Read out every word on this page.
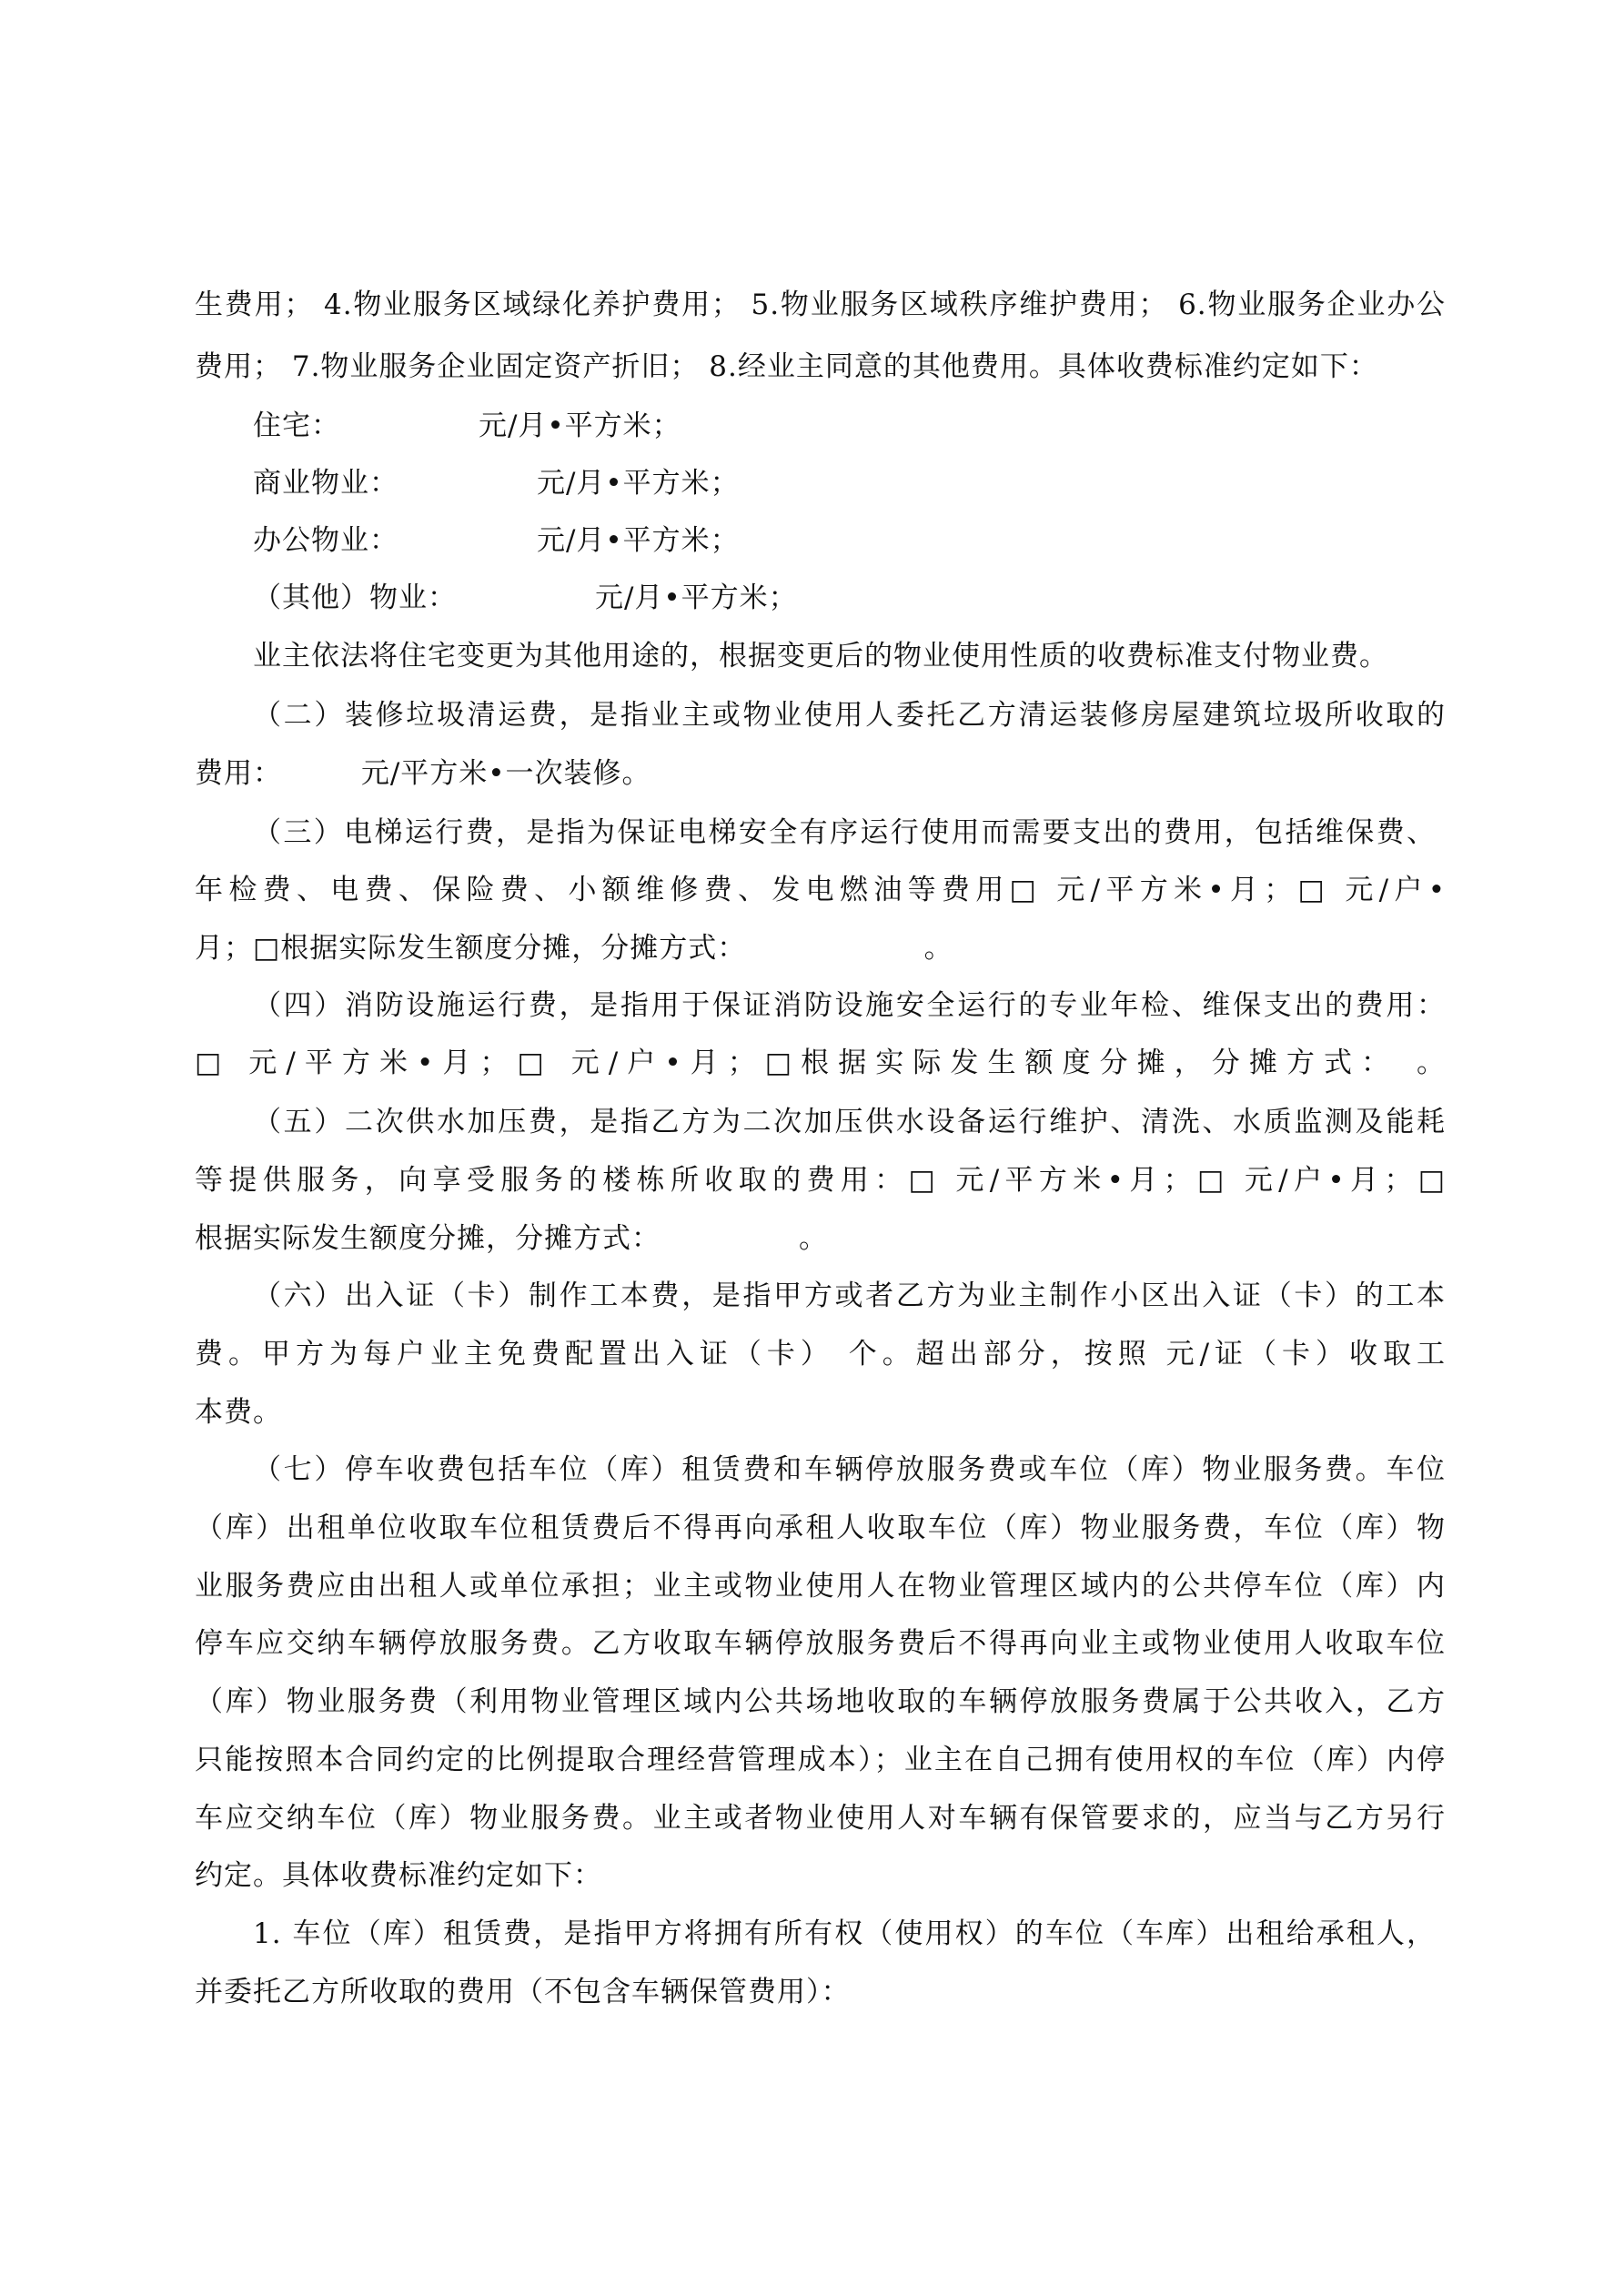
生费用； 4.物业服务区域绿化养护费用； 5.物业服务区域秩序维护费用； 6.物业服务企业办公
费用； 7.物业服务企业固定资产折旧； 8.经业主同意的其他费用。具体收费标准约定如下：
住宅：              元/月•平方米；
商业物业：              元/月•平方米；
办公物业：              元/月•平方米；
（其他）物业：              元/月•平方米；
业主依法将住宅变更为其他用途的，根据变更后的物业使用性质的收费标准支付物业费。
（二）装修垃圾清运费，是指业主或物业使用人委托乙方清运装修房屋建筑垃圾所收取的
费用：        元/平方米•一次装修。
（三）电梯运行费，是指为保证电梯安全有序运行使用而需要支出的费用，包括维保费、
年检费、电费、保险费、小额维修费、发电燃油等费用□ 元/平方米•月；□ 元/户•
月；□根据实际发生额度分摊，分摊方式：                  。
（四）消防设施运行费，是指用于保证消防设施安全运行的专业年检、维保支出的费用：
□ 元/平方米•月；□ 元/户•月；□根据实际发生额度分摊，分摊方式： 。
（五）二次供水加压费，是指乙方为二次加压供水设备运行维护、清洗、水质监测及能耗
等提供服务，向享受服务的楼栋所收取的费用：□ 元/平方米•月；□ 元/户•月；□
根据实际发生额度分摊，分摊方式：              。
（六）出入证（卡）制作工本费，是指甲方或者乙方为业主制作小区出入证（卡）的工本
费。甲方为每户业主免费配置出入证（卡） 个。超出部分，按照 元/证（卡）收取工
本费。
（七）停车收费包括车位（库）租赁费和车辆停放服务费或车位（库）物业服务费。车位
（库）出租单位收取车位租赁费后不得再向承租人收取车位（库）物业服务费，车位（库）物
业服务费应由出租人或单位承担；业主或物业使用人在物业管理区域内的公共停车位（库）内
停车应交纳车辆停放服务费。乙方收取车辆停放服务费后不得再向业主或物业使用人收取车位
（库）物业服务费（利用物业管理区域内公共场地收取的车辆停放服务费属于公共收入，乙方
只能按照本合同约定的比例提取合理经营管理成本）；业主在自己拥有使用权的车位（库）内停
车应交纳车位（库）物业服务费。业主或者物业使用人对车辆有保管要求的，应当与乙方另行
约定。具体收费标准约定如下：
1. 车位（库）租赁费，是指甲方将拥有所有权（使用权）的车位（车库）出租给承租人，
并委托乙方所收取的费用（不包含车辆保管费用）：
